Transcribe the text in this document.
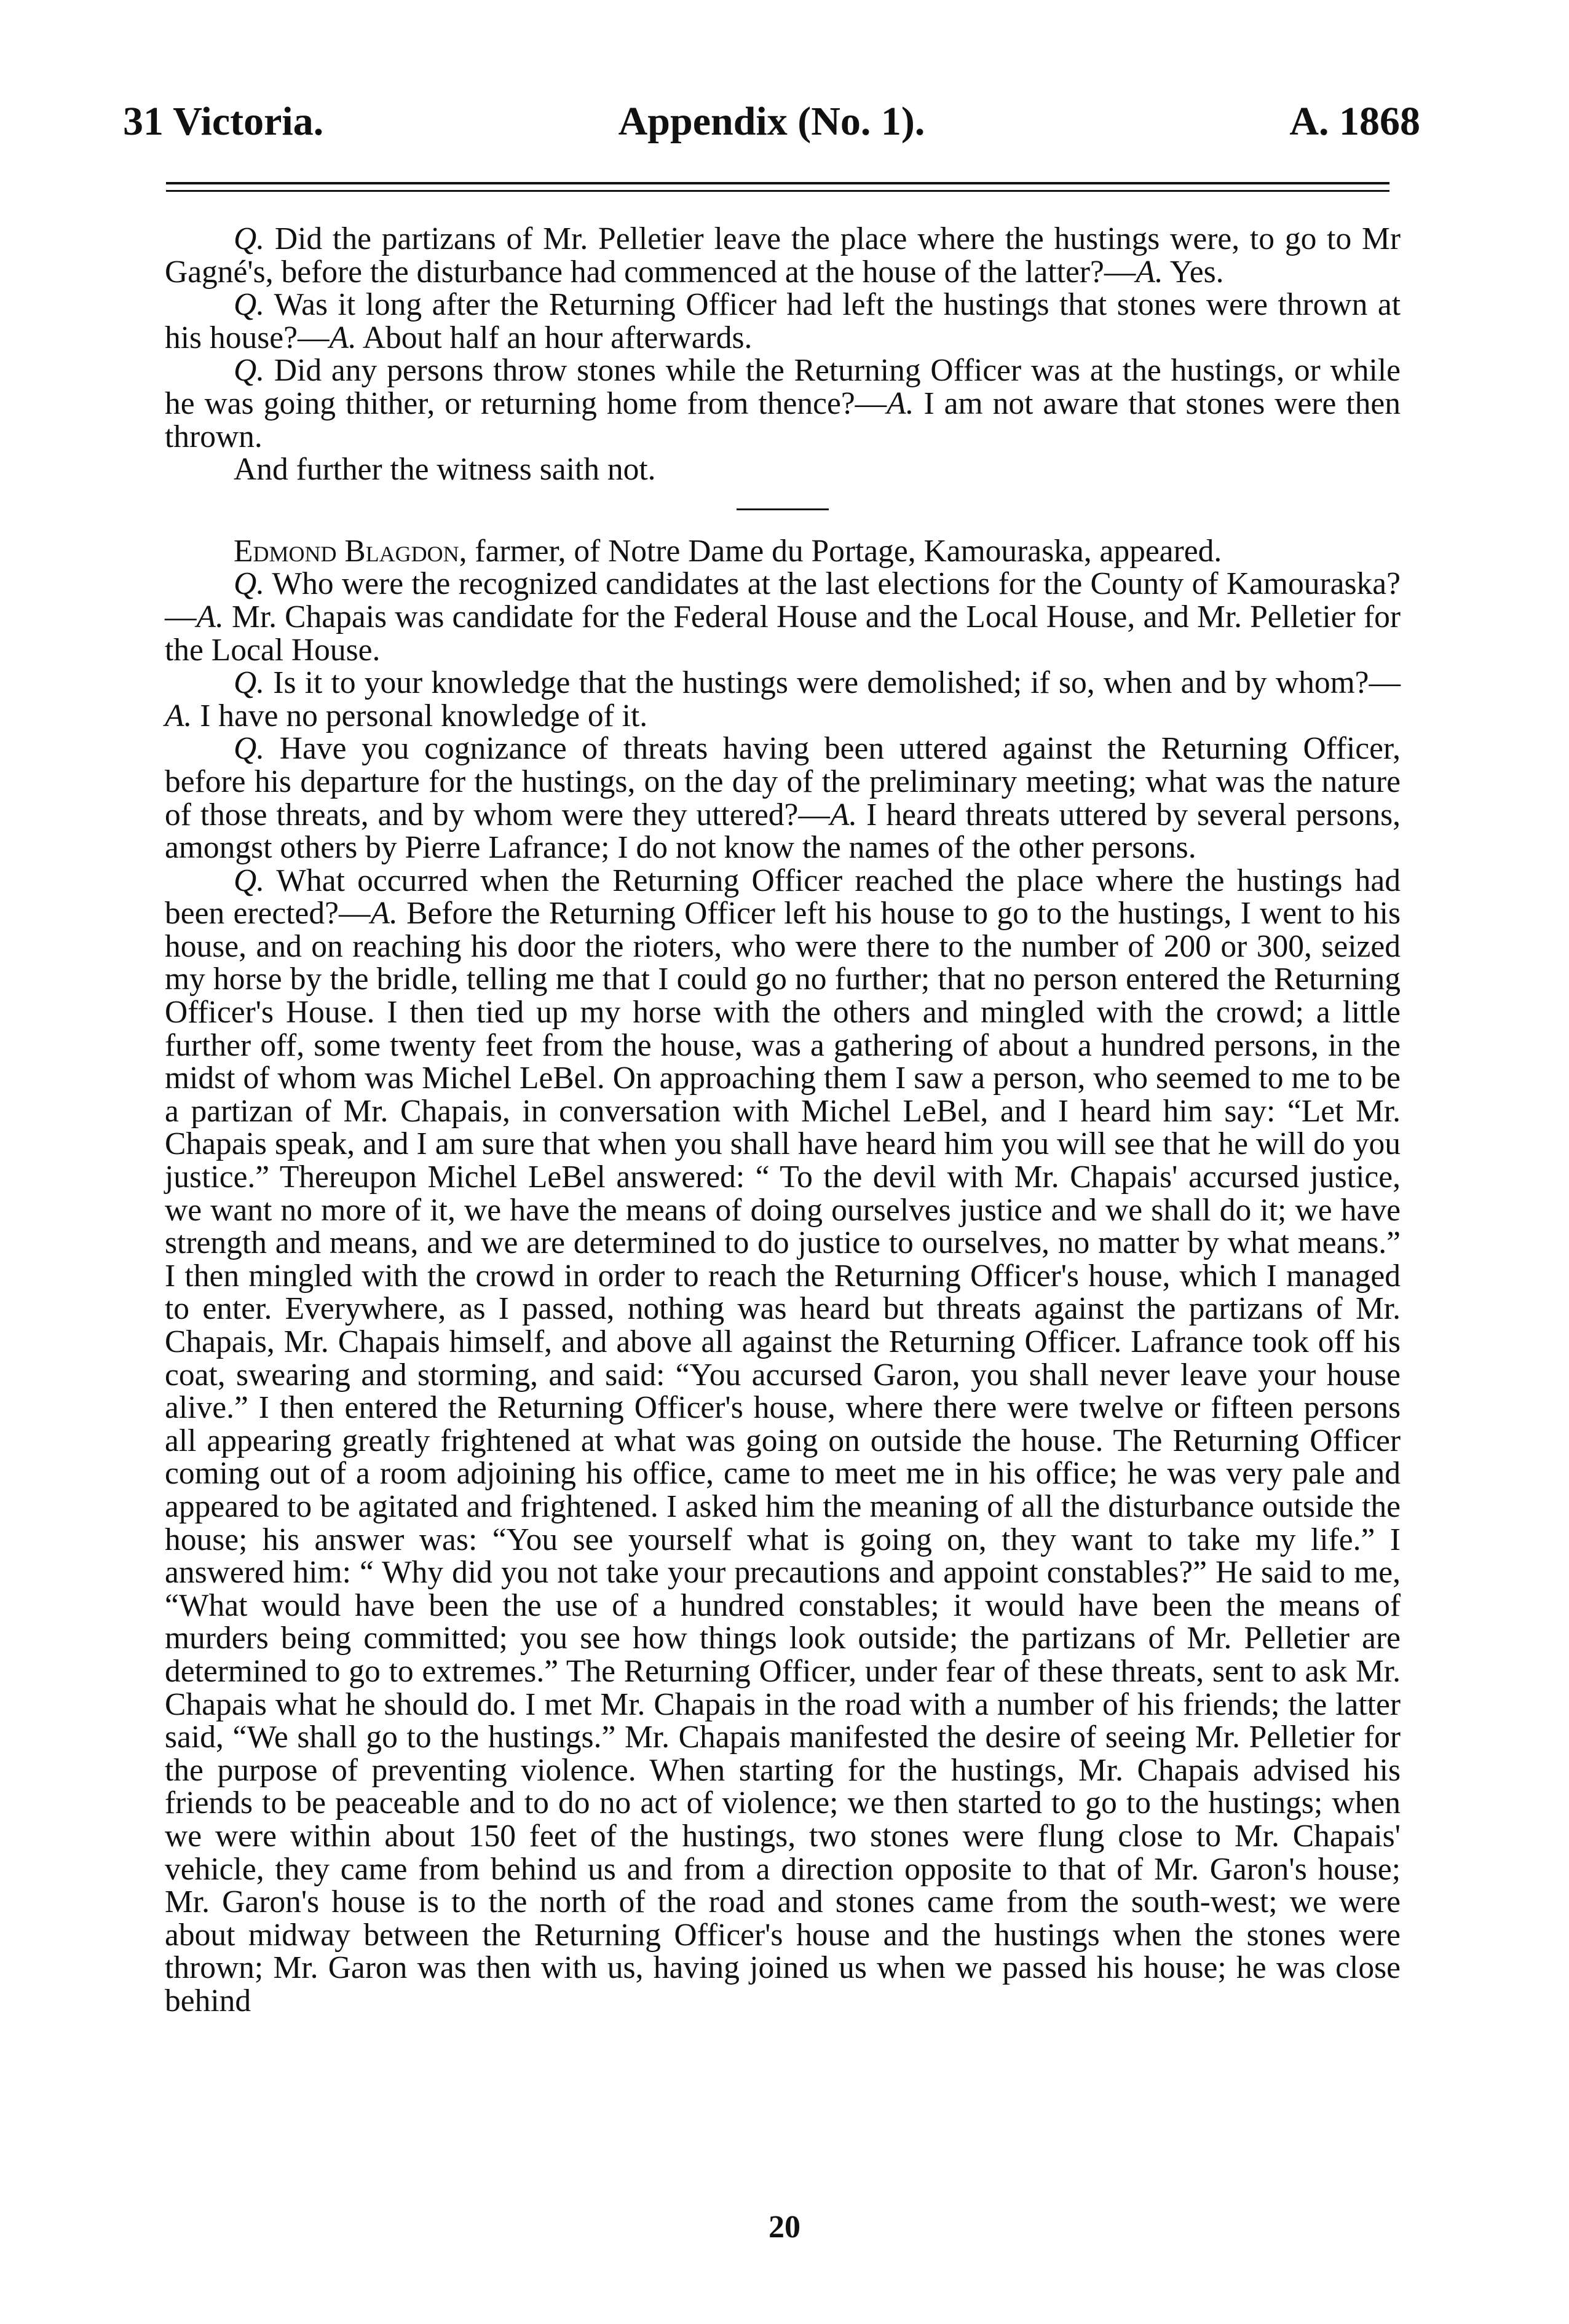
31 Victoria.	Appendix (No. 1).	A. 1868

Q. Did the partizans of Mr. Pelletier leave the place where the hustings were, to go to Mr Gagné's, before the disturbance had commenced at the house of the latter?—A. Yes.

Q. Was it long after the Returning Officer had left the hustings that stones were thrown at his house?—A. About half an hour afterwards.

Q. Did any persons throw stones while the Returning Officer was at the hustings, or while he was going thither, or returning home from thence?—A. I am not aware that stones were then thrown.

And further the witness saith not.

Edmond Blagdon, farmer, of Notre Dame du Portage, Kamouraska, appeared.

Q. Who were the recognized candidates at the last elections for the County of Kamouraska?—A. Mr. Chapais was candidate for the Federal House and the Local House, and Mr. Pelletier for the Local House.

Q. Is it to your knowledge that the hustings were demolished; if so, when and by whom?—A. I have no personal knowledge of it.

Q. Have you cognizance of threats having been uttered against the Returning Officer, before his departure for the hustings, on the day of the preliminary meeting; what was the nature of those threats, and by whom were they uttered?—A. I heard threats uttered by several persons, amongst others by Pierre Lafrance; I do not know the names of the other persons.

Q. What occurred when the Returning Officer reached the place where the hustings had been erected?—A. Before the Returning Officer left his house to go to the hustings, I went to his house, and on reaching his door the rioters, who were there to the number of 200 or 300, seized my horse by the bridle, telling me that I could go no further; that no person entered the Returning Officer's House. I then tied up my horse with the others and mingled with the crowd; a little further off, some twenty feet from the house, was a gathering of about a hundred persons, in the midst of whom was Michel LeBel. On approaching them I saw a person, who seemed to me to be a partizan of Mr. Chapais, in conversation with Michel LeBel, and I heard him say: “Let Mr. Chapais speak, and I am sure that when you shall have heard him you will see that he will do you justice.” Thereupon Michel LeBel answered: “ To the devil with Mr. Chapais' accursed justice, we want no more of it, we have the means of doing ourselves justice and we shall do it; we have strength and means, and we are determined to do justice to ourselves, no matter by what means.” I then mingled with the crowd in order to reach the Returning Officer's house, which I managed to enter. Everywhere, as I passed, nothing was heard but threats against the partizans of Mr. Chapais, Mr. Chapais himself, and above all against the Returning Officer. Lafrance took off his coat, swearing and storming, and said: “You accursed Garon, you shall never leave your house alive.” I then entered the Returning Officer's house, where there were twelve or fifteen persons all appearing greatly frightened at what was going on outside the house. The Returning Officer coming out of a room adjoining his office, came to meet me in his office; he was very pale and appeared to be agitated and frightened. I asked him the meaning of all the disturbance outside the house; his answer was: “You see yourself what is going on, they want to take my life.” I answered him: “ Why did you not take your precautions and appoint constables?” He said to me, “What would have been the use of a hundred constables; it would have been the means of murders being committed; you see how things look outside; the partizans of Mr. Pelletier are determined to go to extremes.” The Returning Officer, under fear of these threats, sent to ask Mr. Chapais what he should do. I met Mr. Chapais in the road with a number of his friends; the latter said, “We shall go to the hustings.” Mr. Chapais manifested the desire of seeing Mr. Pelletier for the purpose of preventing violence. When starting for the hustings, Mr. Chapais advised his friends to be peaceable and to do no act of violence; we then started to go to the hustings; when we were within about 150 feet of the hustings, two stones were flung close to Mr. Chapais' vehicle, they came from behind us and from a direction opposite to that of Mr. Garon's house; Mr. Garon's house is to the north of the road and stones came from the south-west; we were about midway between the Returning Officer's house and the hustings when the stones were thrown; Mr. Garon was then with us, having joined us when we passed his house; he was close behind

20
